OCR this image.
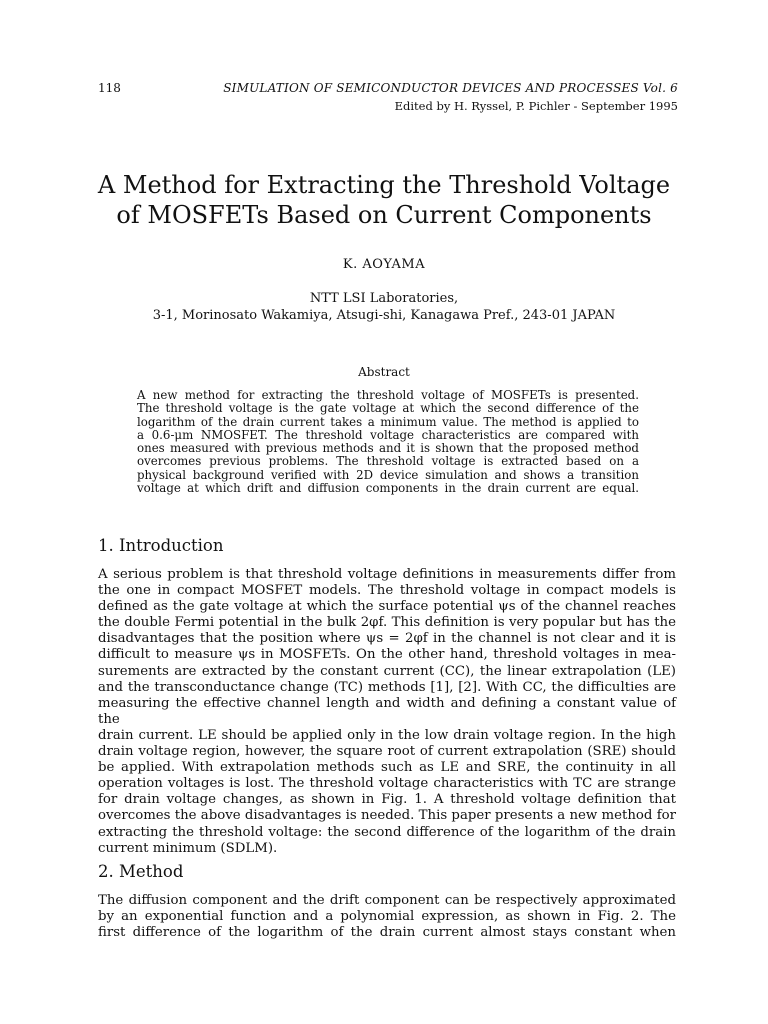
118	SIMULATION OF SEMICONDUCTOR DEVICES AND PROCESSES Vol. 6
Edited by H. Ryssel, P. Pichler - September 1995
A Method for Extracting the Threshold Voltage
of MOSFETs Based on Current Components
K. AOYAMA
NTT LSI Laboratories,
3-1, Morinosato Wakamiya, Atsugi-shi, Kanagawa Pref., 243-01 JAPAN
Abstract
A new method for extracting the threshold voltage of MOSFETs is presented.
The threshold voltage is the gate voltage at which the second difference of the
logarithm of the drain current takes a minimum value. The method is applied to
a 0.6-μm NMOSFET. The threshold voltage characteristics are compared with
ones measured with previous methods and it is shown that the proposed method
overcomes previous problems. The threshold voltage is extracted based on a
physical background verified with 2D device simulation and shows a transition
voltage at which drift and diffusion components in the drain current are equal.
1. Introduction
A serious problem is that threshold voltage definitions in measurements differ from
the one in compact MOSFET models. The threshold voltage in compact models is
defined as the gate voltage at which the surface potential ψs of the channel reaches
the double Fermi potential in the bulk 2φf. This definition is very popular but has the
disadvantages that the position where ψs = 2φf in the channel is not clear and it is
difficult to measure ψs in MOSFETs. On the other hand, threshold voltages in mea-
surements are extracted by the constant current (CC), the linear extrapolation (LE)
and the transconductance change (TC) methods [1], [2]. With CC, the difficulties are
measuring the effective channel length and width and defining a constant value of the
drain current. LE should be applied only in the low drain voltage region. In the high
drain voltage region, however, the square root of current extrapolation (SRE) should
be applied. With extrapolation methods such as LE and SRE, the continuity in all
operation voltages is lost. The threshold voltage characteristics with TC are strange
for drain voltage changes, as shown in Fig. 1. A threshold voltage definition that
overcomes the above disadvantages is needed. This paper presents a new method for
extracting the threshold voltage: the second difference of the logarithm of the drain
current minimum (SDLM).
2. Method
The diffusion component and the drift component can be respectively approximated
by an exponential function and a polynomial expression, as shown in Fig. 2. The
first difference of the logarithm of the drain current almost stays constant when
